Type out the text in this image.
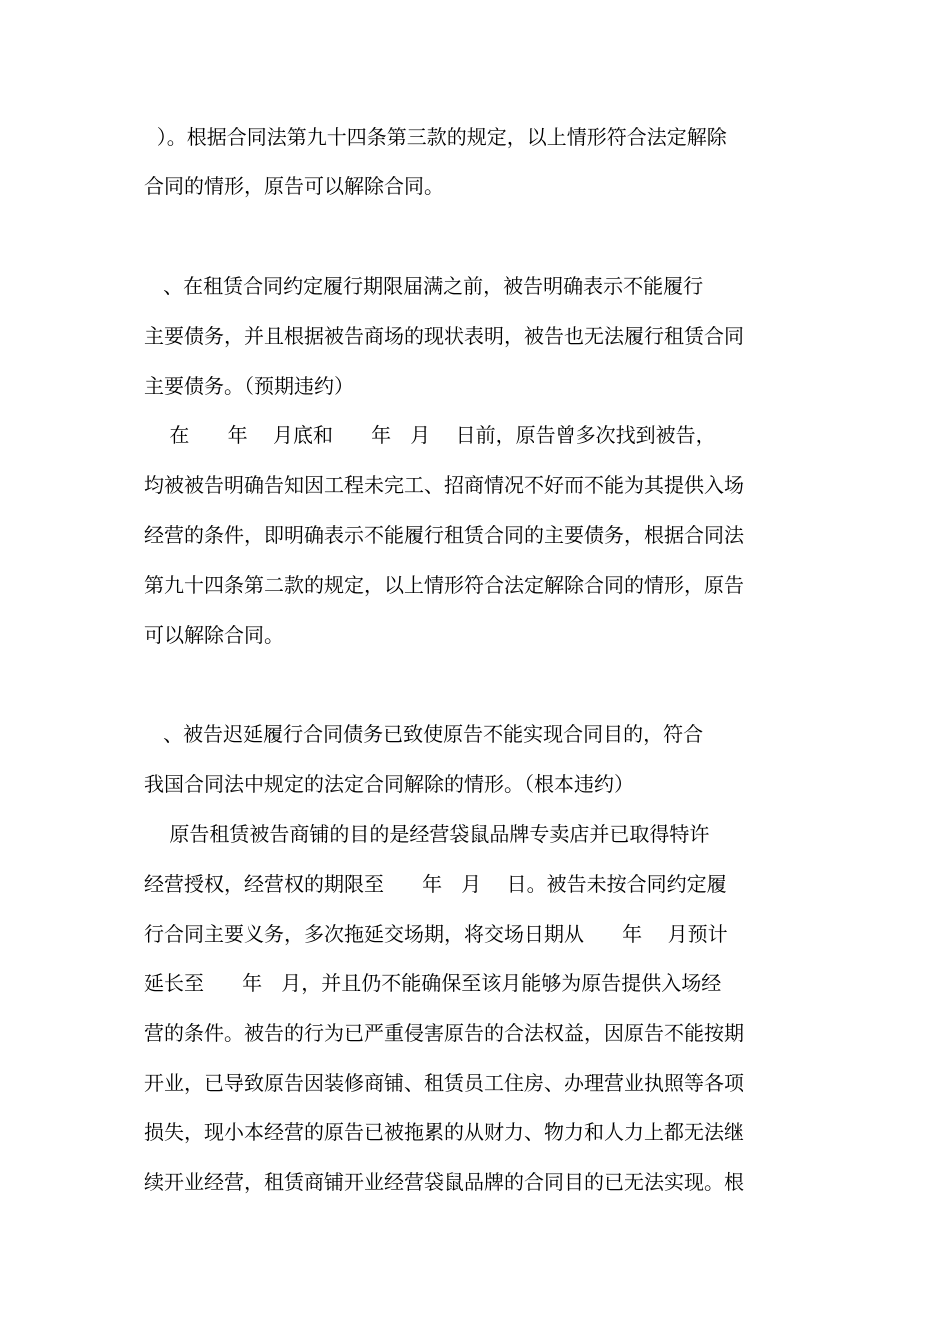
）。根据合同法第九十四条第三款的规定，以上情形符合法定解除
合同的情形，原告可以解除合同。
、在租赁合同约定履行期限届满之前，被告明确表示不能履行
主要债务，并且根据被告商场的现状表明，被告也无法履行租赁合同
主要债务。（预期违约）
在      年    月底和      年   月    日前，原告曾多次找到被告，
均被被告明确告知因工程未完工、招商情况不好而不能为其提供入场
经营的条件，即明确表示不能履行租赁合同的主要债务，根据合同法
第九十四条第二款的规定，以上情形符合法定解除合同的情形，原告
可以解除合同。
、被告迟延履行合同债务已致使原告不能实现合同目的，符合
我国合同法中规定的法定合同解除的情形。（根本违约）
原告租赁被告商铺的目的是经营袋鼠品牌专卖店并已取得特许
经营授权，经营权的期限至      年   月    日。被告未按合同约定履
行合同主要义务，多次拖延交场期，将交场日期从      年    月预计
延长至      年   月，并且仍不能确保至该月能够为原告提供入场经
营的条件。被告的行为已严重侵害原告的合法权益，因原告不能按期
开业，已导致原告因装修商铺、租赁员工住房、办理营业执照等各项
损失，现小本经营的原告已被拖累的从财力、物力和人力上都无法继
续开业经营，租赁商铺开业经营袋鼠品牌的合同目的已无法实现。根
